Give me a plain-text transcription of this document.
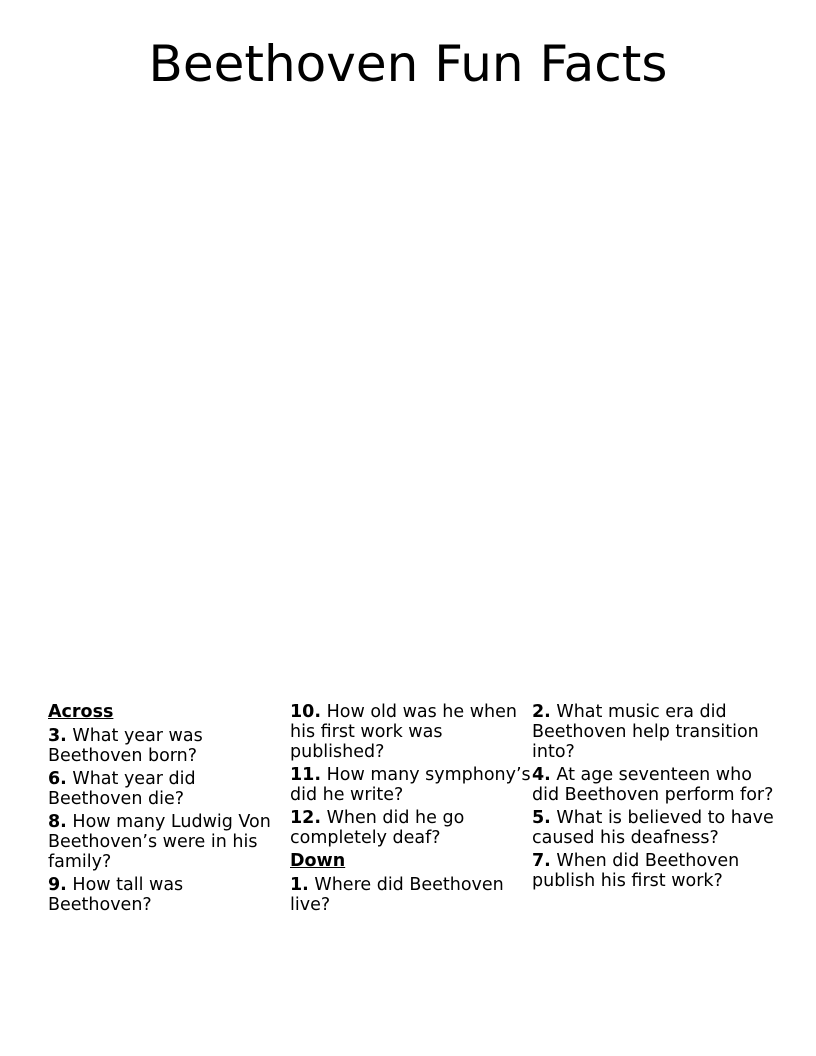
Beethoven Fun Facts
Across
3. What year was Beethoven born?
6. What year did Beethoven die?
8. How many Ludwig Von Beethoven’s were in his family?
9. How tall was Beethoven?
10. How old was he when his first work was published?
11. How many symphony’s did he write?
12. When did he go completely deaf?
Down
1. Where did Beethoven live?
2. What music era did Beethoven help transition into?
4. At age seventeen who did Beethoven perform for?
5. What is believed to have caused his deafness?
7. When did Beethoven publish his first work?
